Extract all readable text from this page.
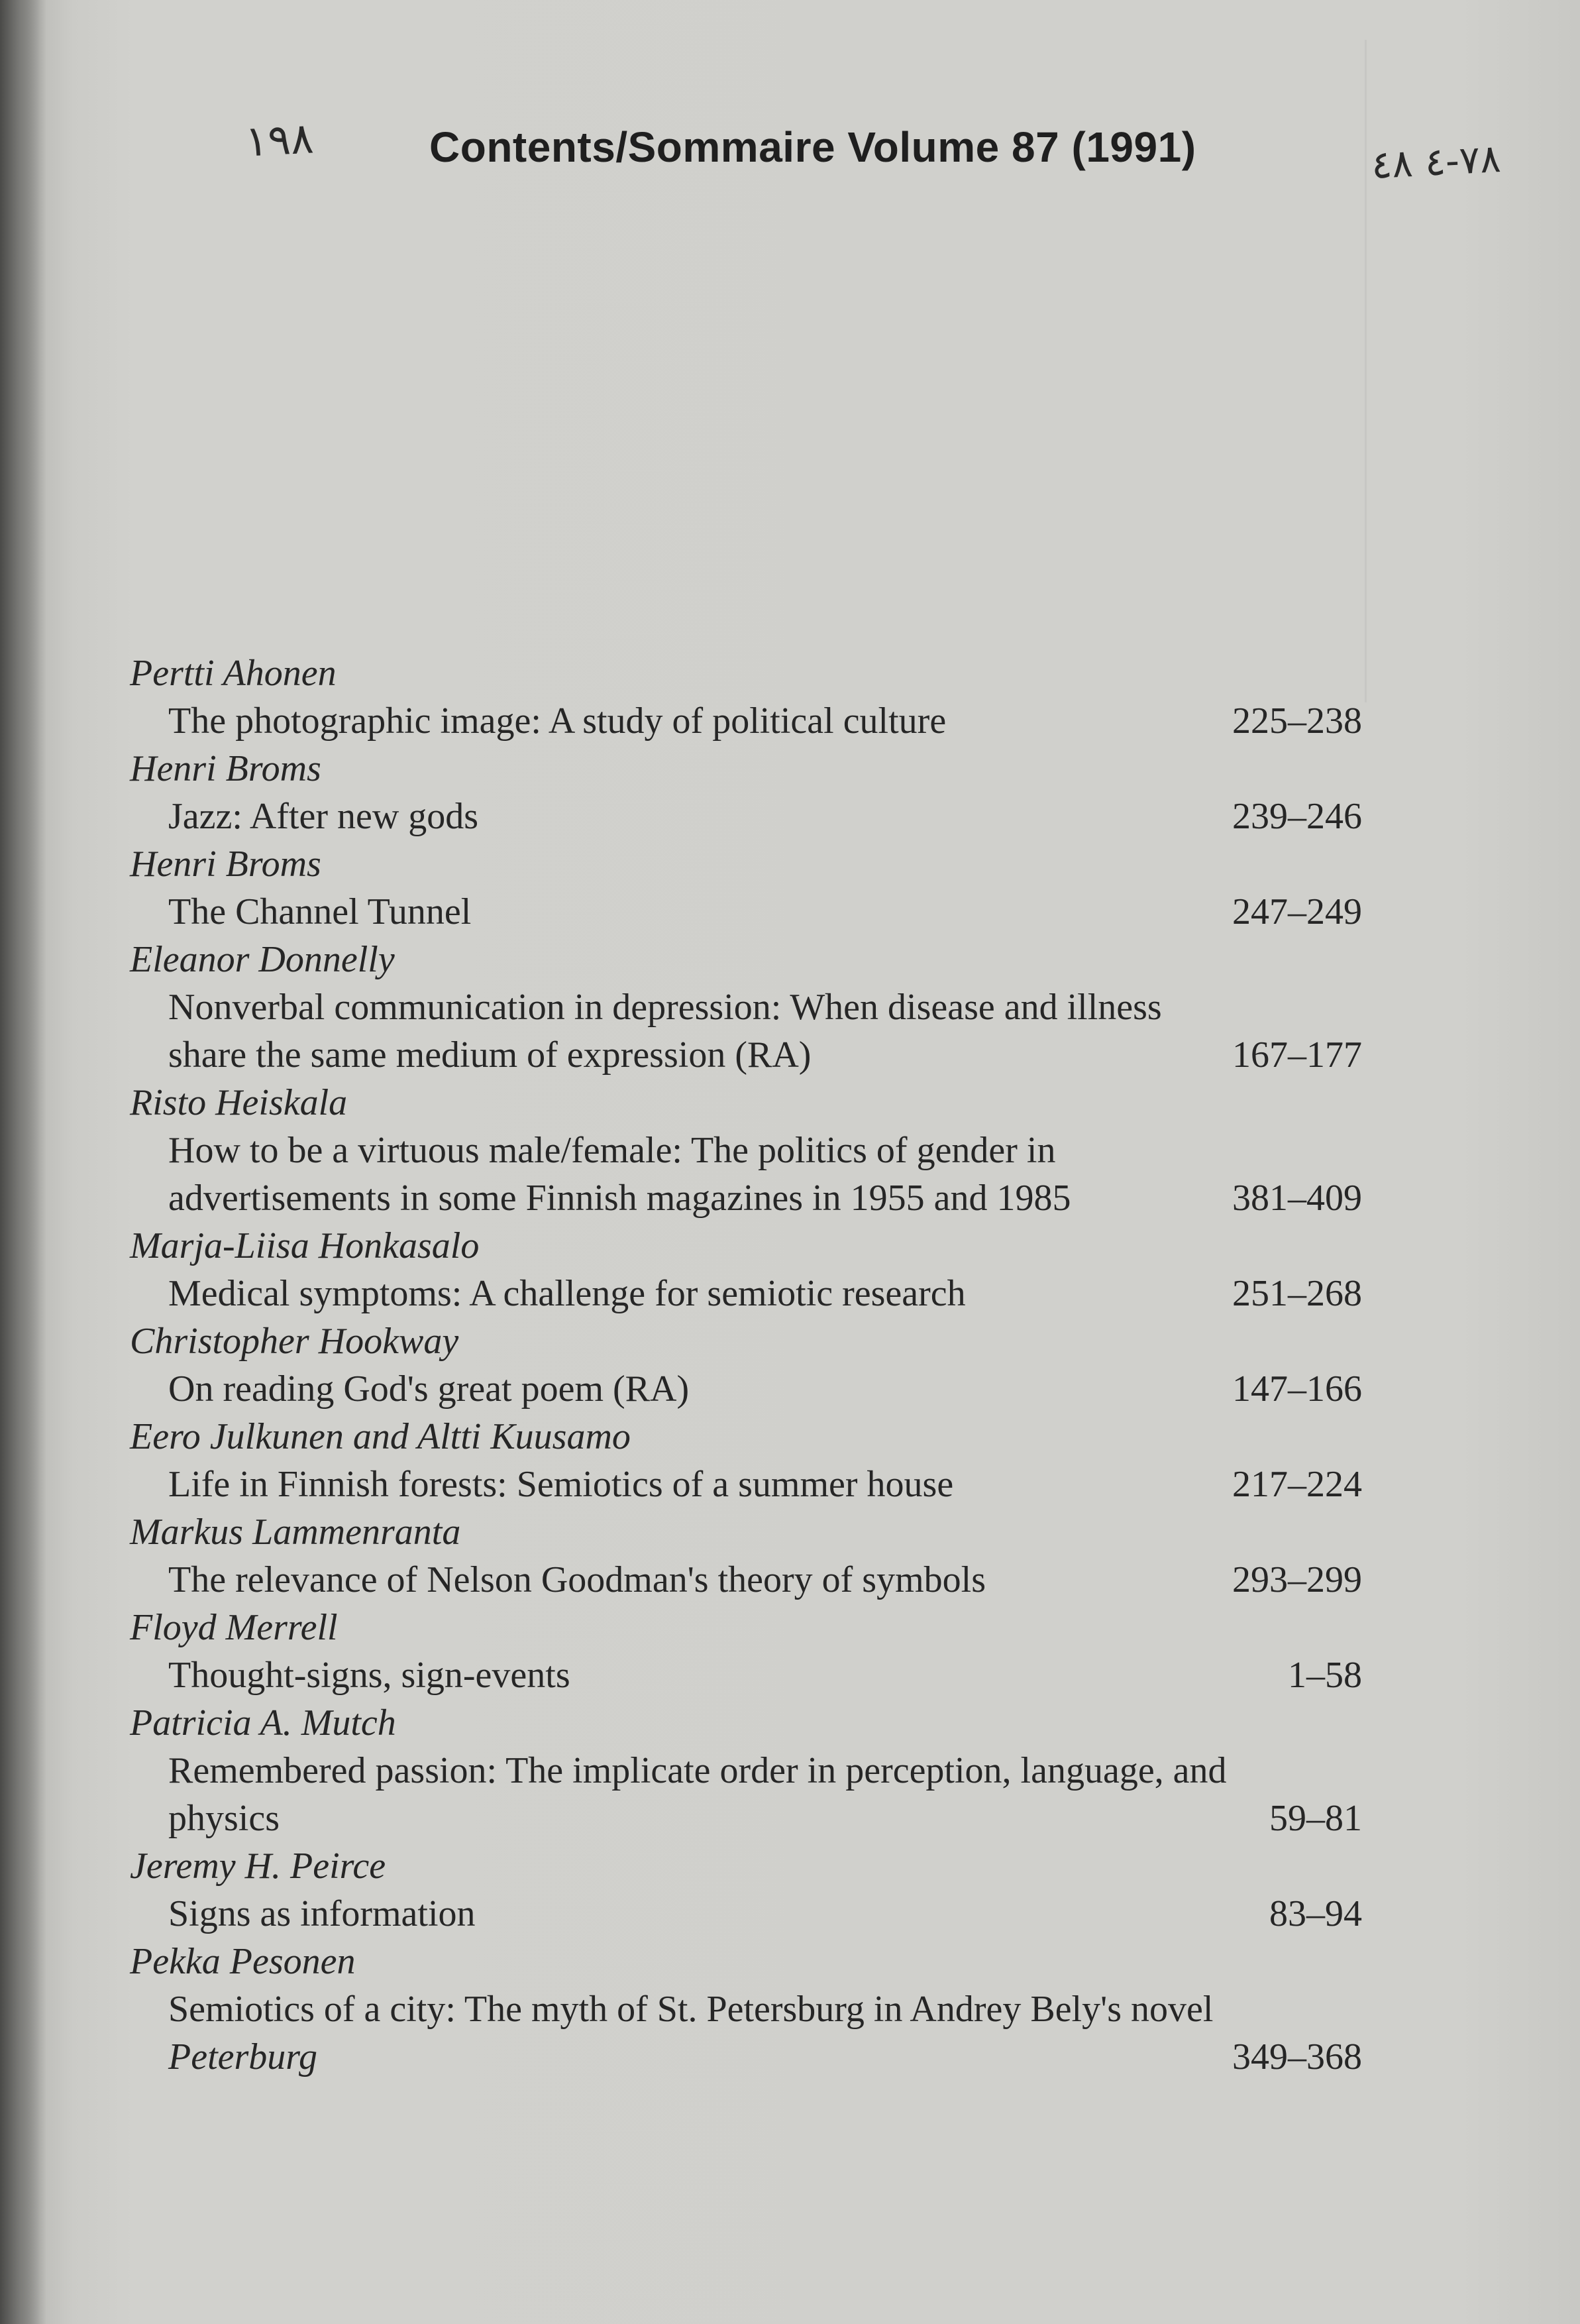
١٩٨	Contents/Sommaire Volume 87 (1991)	٧٨-٤ ٤٨
Pertti Ahonen
The photographic image: A study of political culture	225–238
Henri Broms
Jazz: After new gods	239–246
Henri Broms
The Channel Tunnel	247–249
Eleanor Donnelly
Nonverbal communication in depression: When disease and illness share the same medium of expression (RA)	167–177
Risto Heiskala
How to be a virtuous male/female: The politics of gender in advertisements in some Finnish magazines in 1955 and 1985	381–409
Marja-Liisa Honkasalo
Medical symptoms: A challenge for semiotic research	251–268
Christopher Hookway
On reading God's great poem (RA)	147–166
Eero Julkunen and Altti Kuusamo
Life in Finnish forests: Semiotics of a summer house	217–224
Markus Lammenranta
The relevance of Nelson Goodman's theory of symbols	293–299
Floyd Merrell
Thought-signs, sign-events	1–58
Patricia A. Mutch
Remembered passion: The implicate order in perception, language, and physics	59–81
Jeremy H. Peirce
Signs as information	83–94
Pekka Pesonen
Semiotics of a city: The myth of St. Petersburg in Andrey Bely's novel Peterburg	349–368
